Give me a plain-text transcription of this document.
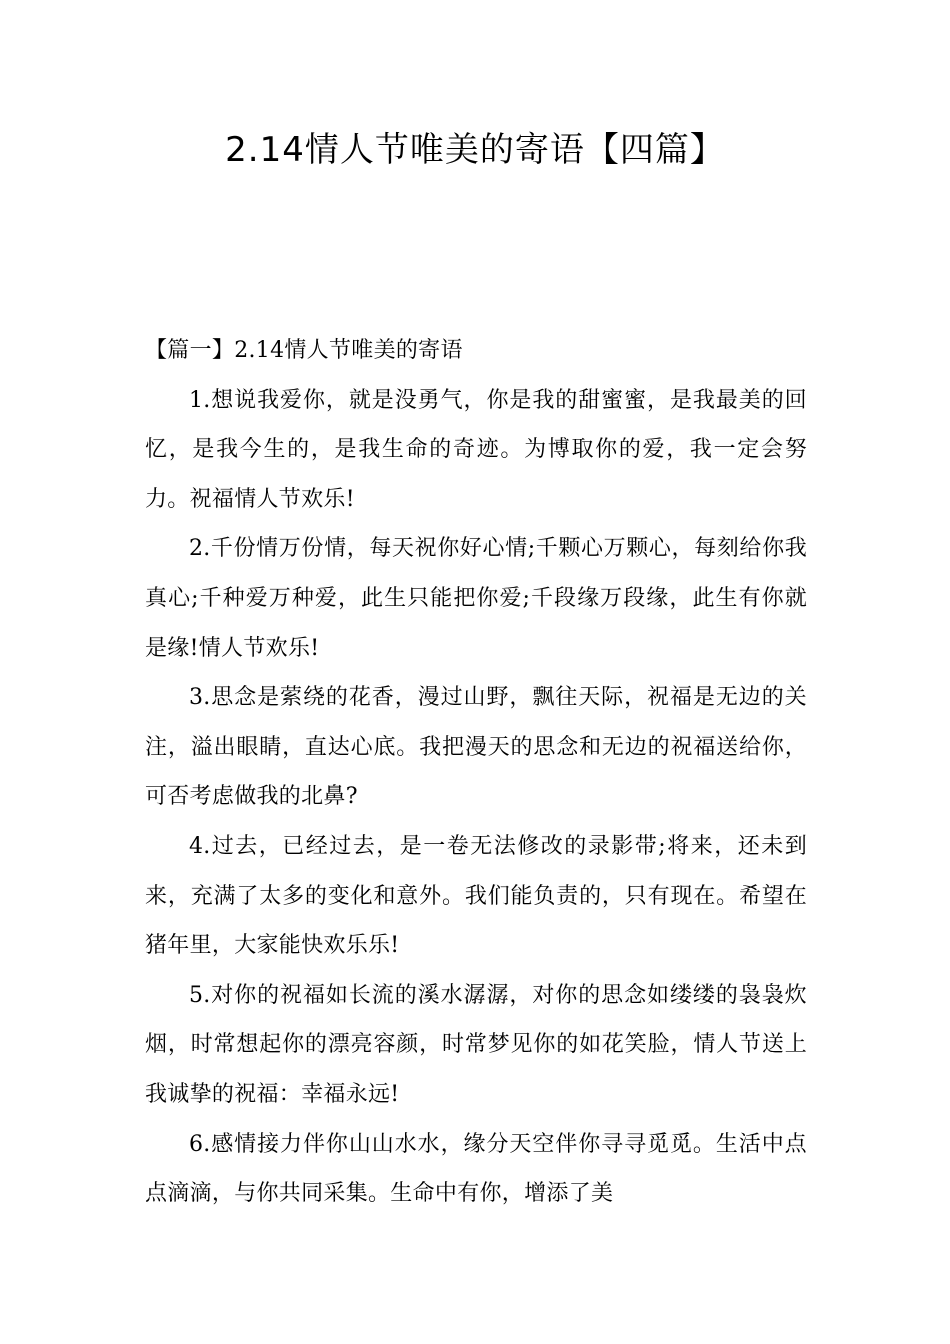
2.14情人节唯美的寄语【四篇】
【篇一】2.14情人节唯美的寄语

1.想说我爱你，就是没勇气，你是我的甜蜜蜜，是我最美的回忆，是我今生的，是我生命的奇迹。为博取你的爱，我一定会努力。祝福情人节欢乐!

2.千份情万份情，每天祝你好心情;千颗心万颗心，每刻给你我真心;千种爱万种爱，此生只能把你爱;千段缘万段缘，此生有你就是缘!情人节欢乐!

3.思念是萦绕的花香，漫过山野，飘往天际，祝福是无边的关注，溢出眼睛，直达心底。我把漫天的思念和无边的祝福送给你，可否考虑做我的北鼻?

4.过去，已经过去，是一卷无法修改的录影带;将来，还未到来，充满了太多的变化和意外。我们能负责的，只有现在。希望在猪年里，大家能快欢乐乐!

5.对你的祝福如长流的溪水潺潺，对你的思念如缕缕的袅袅炊烟，时常想起你的漂亮容颜，时常梦见你的如花笑脸，情人节送上我诚挚的祝福：幸福永远!

6.感情接力伴你山山水水，缘分天空伴你寻寻觅觅。生活中点点滴滴，与你共同采集。生命中有你，增添了美
